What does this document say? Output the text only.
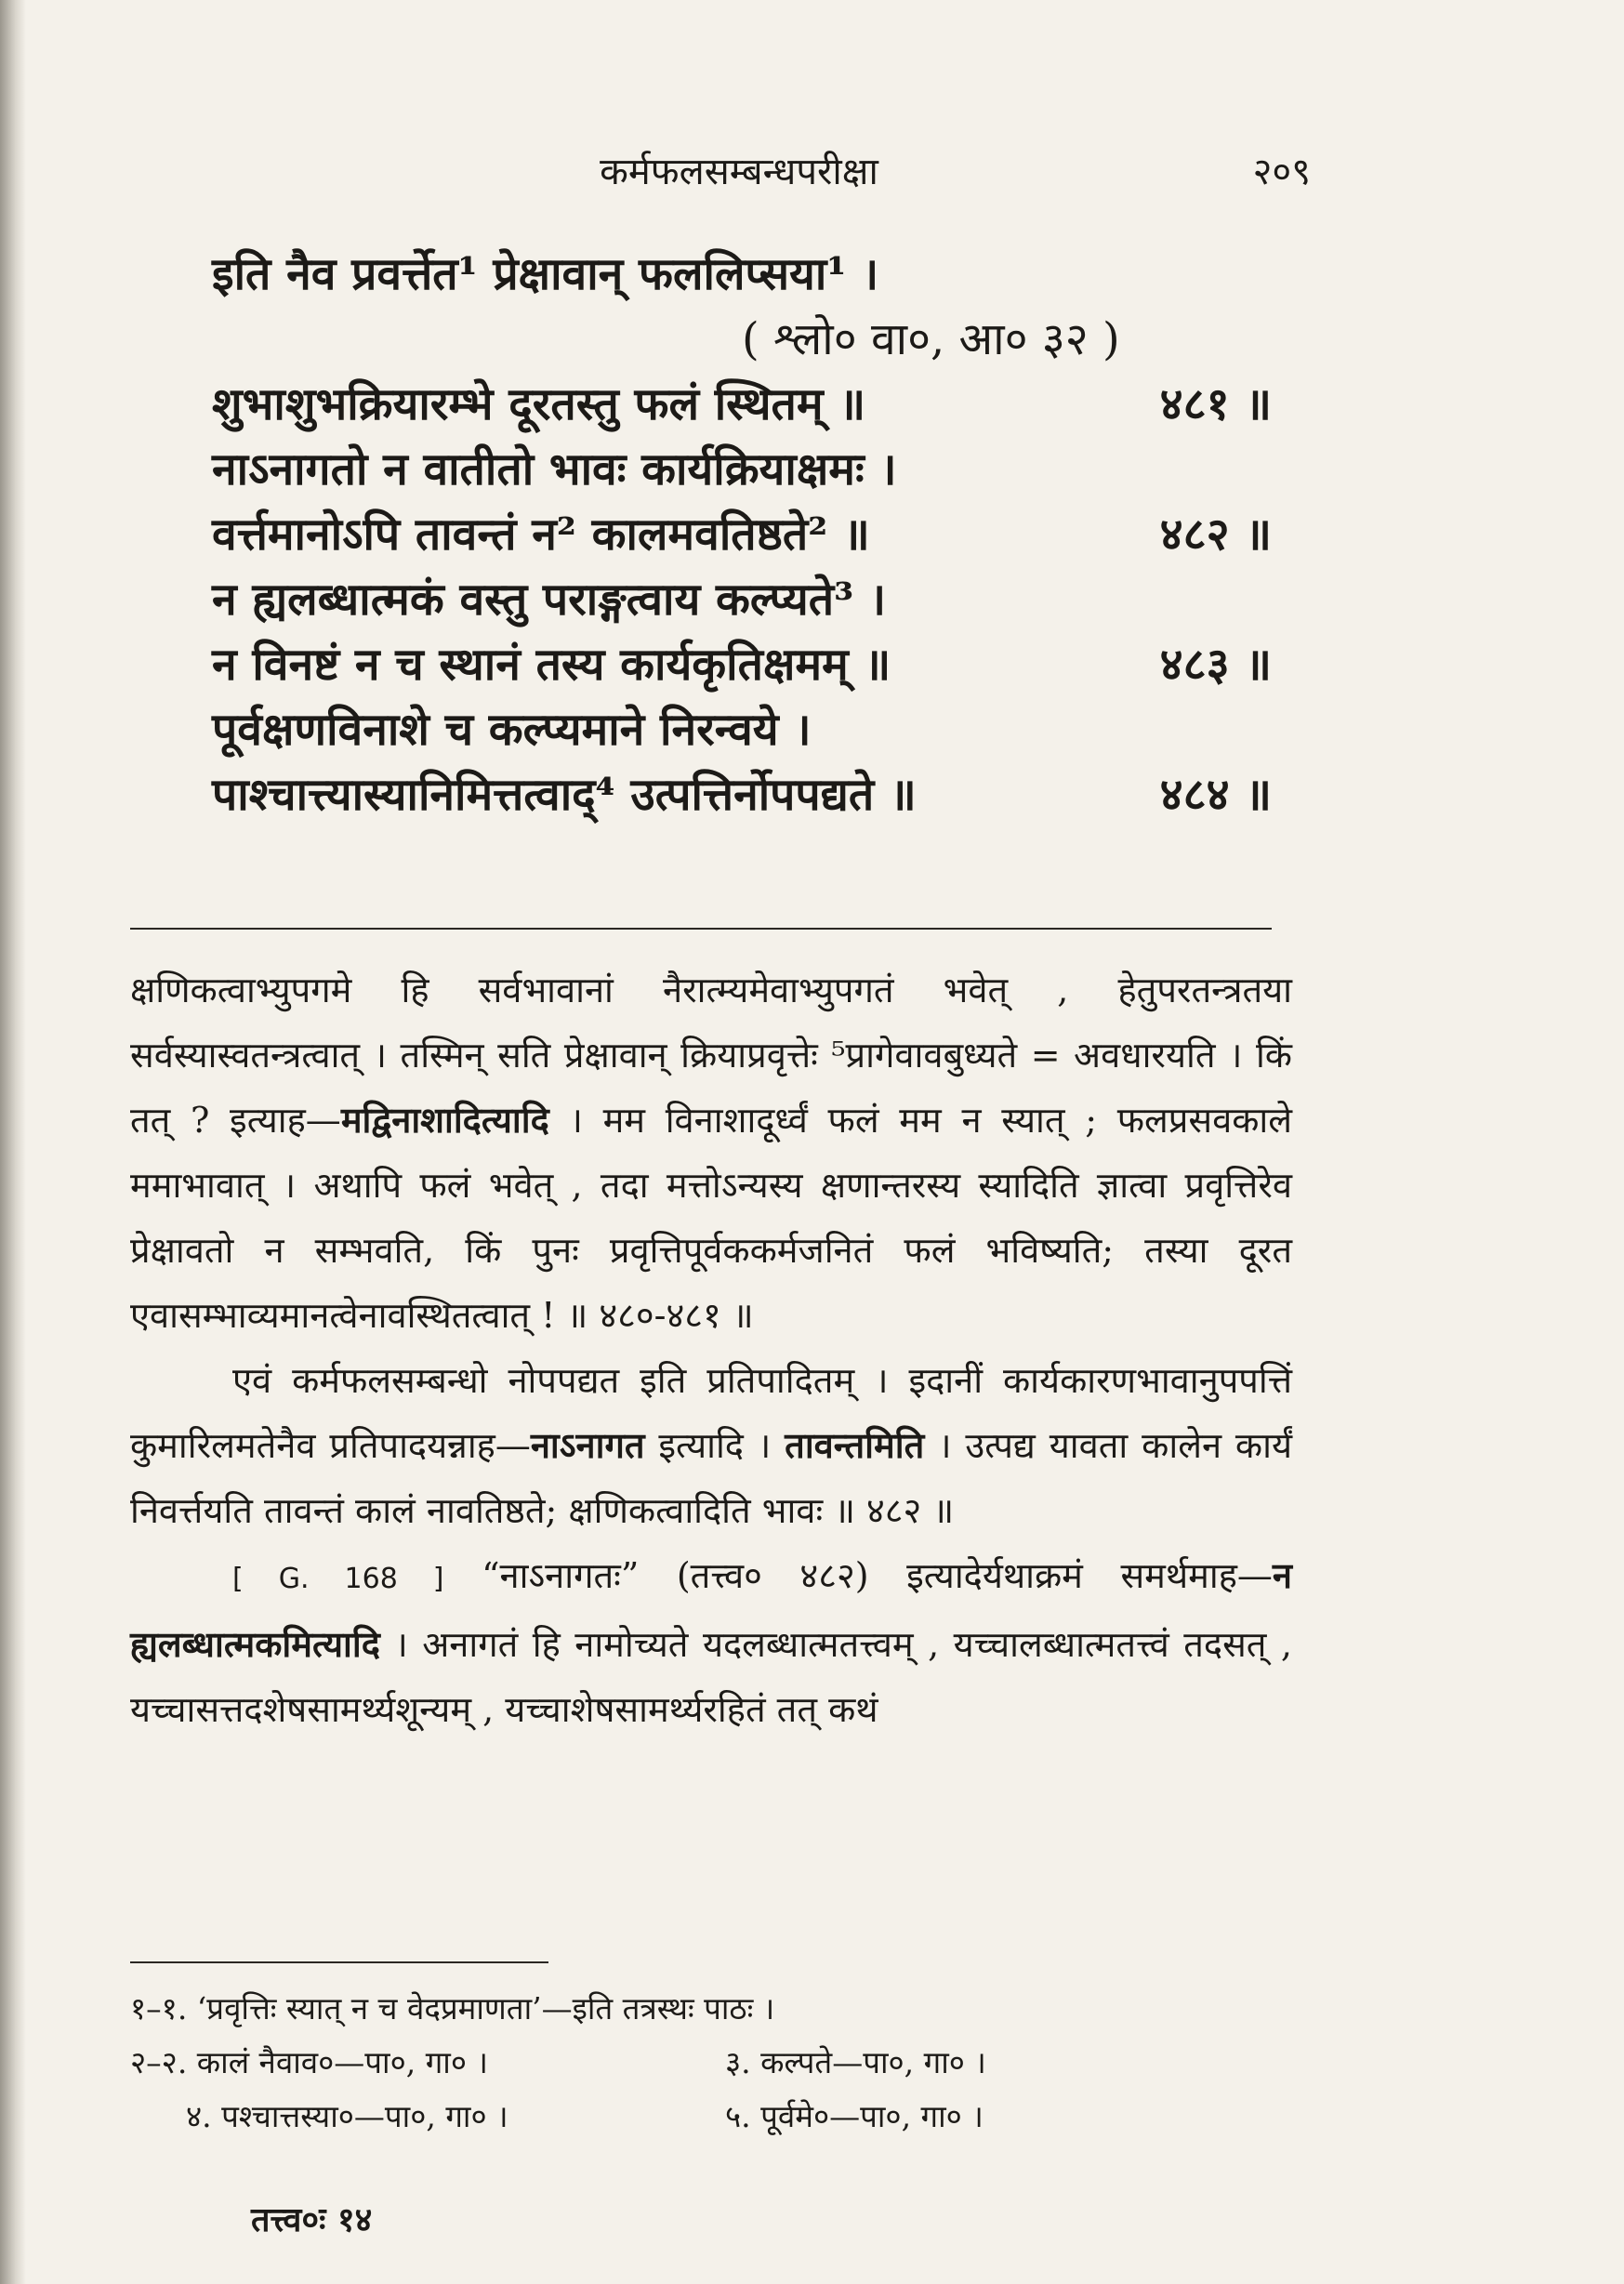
कर्मफलसम्बन्धपरीक्षा	२०९
इति नैव प्रवर्त्तेत¹ प्रेक्षावान् फललिप्सया¹ ।
( श्लो० वा०, आ० ३२ )
शुभाशुभक्रियारम्भे दूरतस्तु फलं स्थितम् ॥	४८१ ॥
नाऽनागतो न वातीतो भावः कार्यक्रियाक्षमः ।
वर्त्तमानोऽपि तावन्तं न² कालमवतिष्ठते² ॥	४८२ ॥
न ह्यलब्धात्मकं वस्तु पराङ्गत्वाय कल्प्यते³ ।
न विनष्टं न च स्थानं तस्य कार्यकृतिक्षमम् ॥	४८३ ॥
पूर्वक्षणविनाशे च कल्प्यमाने निरन्वये ।
पाश्चात्त्यास्यानिमित्तत्वाद्⁴ उत्पत्तिर्नोपपद्यते ॥	४८४ ॥

क्षणिकत्वाभ्युपगमे हि सर्वभावानां नैरात्म्यमेवाभ्युपगतं भवेत् , हेतुपरतन्त्रतया सर्वस्यास्वतन्त्रत्वात् । तस्मिन् सति प्रेक्षावान् क्रियाप्रवृत्तेः ⁵प्रागेवावबुध्यते = अवधारयति । किं तत् ? इत्याह—मद्विनाशादित्यादि । मम विनाशादूर्ध्वं फलं मम न स्यात् ; फलप्रसवकाले ममाभावात् । अथापि फलं भवेत् , तदा मत्तोऽन्यस्य क्षणान्तरस्य स्यादिति ज्ञात्वा प्रवृत्तिरेव प्रेक्षावतो न सम्भवति, किं पुनः प्रवृत्तिपूर्वककर्मजनितं फलं भविष्यति; तस्या दूरत एवासम्भाव्यमानत्वेनावस्थितत्वात् ! ॥ ४८०-४८१ ॥

एवं कर्मफलसम्बन्धो नोपपद्यत इति प्रतिपादितम् । इदानीं कार्यकारणभावानुपपत्तिं कुमारिलमतेनैव प्रतिपादयन्नाह—नाऽनागत इत्यादि । तावन्तमिति । उत्पद्य यावता कालेन कार्यं निवर्त्तयति तावन्तं कालं नावतिष्ठते; क्षणिकत्वादिति भावः ॥ ४८२ ॥

[ G. 168 ] “नाऽनागतः” (तत्त्व० ४८२) इत्यादेर्यथाक्रमं समर्थमाह—न ह्यलब्धात्मकमित्यादि । अनागतं हि नामोच्यते यदलब्धात्मतत्त्वम् , यच्चालब्धात्मतत्त्वं तदसत् , यच्चासत्तदशेषसामर्थ्यशून्यम् , यच्चाशेषसामर्थ्यरहितं तत् कथं

१–१. ‘प्रवृत्तिः स्यात् न च वेदप्रमाणता’—इति तत्रस्थः पाठः ।
२–२. कालं नैवाव०—पा०, गा० ।	३. कल्पते—पा०, गा० ।
४. पश्चात्तस्या०—पा०, गा० ।	५. पूर्वमे०—पा०, गा० ।
तत्त्व०ः १४
